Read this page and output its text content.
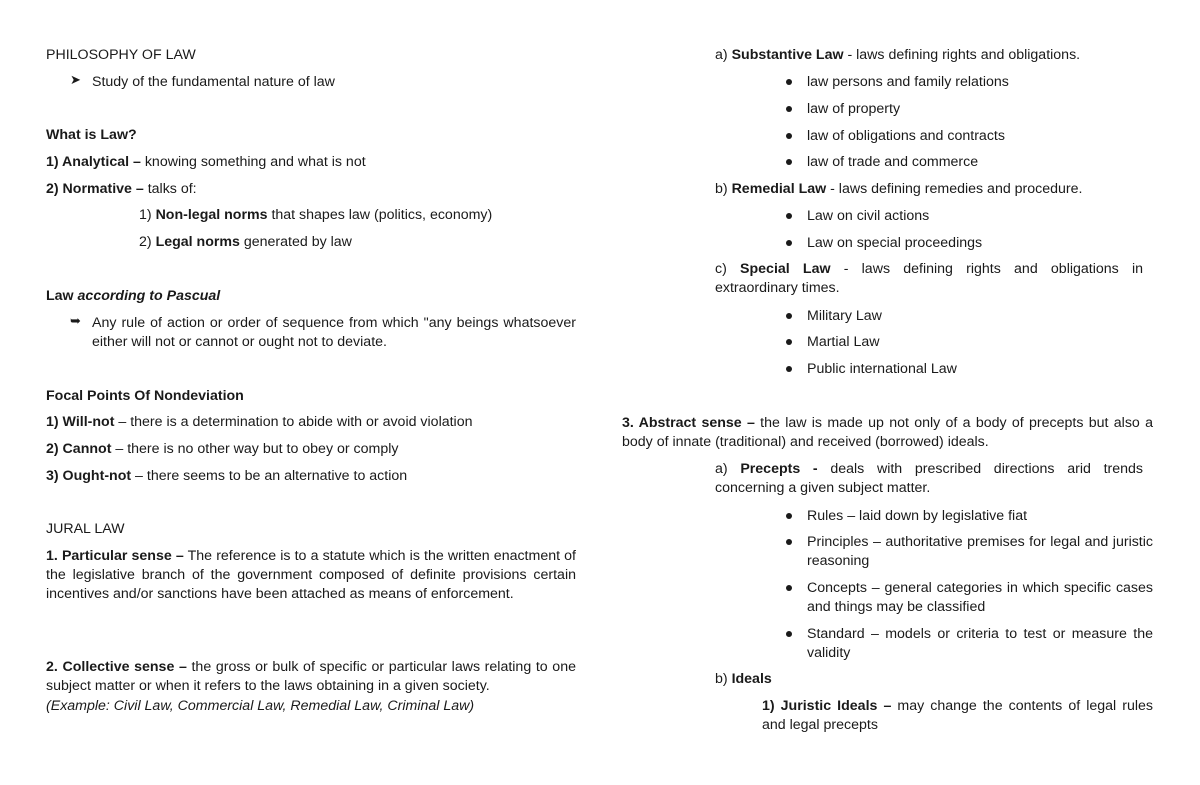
PHILOSOPHY OF LAW
➤ Study of the fundamental nature of law
What is Law?
1) Analytical – knowing something and what is not
2) Normative – talks of:
1) Non-legal norms that shapes law (politics, economy)
2) Legal norms generated by law
Law according to Pascual
➥ Any rule of action or order of sequence from which "any beings whatsoever either will not or cannot or ought not to deviate.
Focal Points Of Nondeviation
1) Will-not – there is a determination to abide with or avoid violation
2) Cannot – there is no other way but to obey or comply
3) Ought-not – there seems to be an alternative to action
JURAL LAW
1. Particular sense – The reference is to a statute which is the written enactment of the legislative branch of the government composed of definite provisions certain incentives and/or sanctions have been attached as means of enforcement.
2. Collective sense – the gross or bulk of specific or particular laws relating to one subject matter or when it refers to the laws obtaining in a given society.
(Example: Civil Law, Commercial Law, Remedial Law, Criminal Law)
a) Substantive Law - laws defining rights and obligations.
law persons and family relations
law of property
law of obligations and contracts
law of trade and commerce
b) Remedial Law - laws defining remedies and procedure.
Law on civil actions
Law on special proceedings
c) Special Law - laws defining rights and obligations in extraordinary times.
Military Law
Martial Law
Public international Law
3. Abstract sense – the law is made up not only of a body of precepts but also a body of innate (traditional) and received (borrowed) ideals.
a) Precepts - deals with prescribed directions arid trends concerning a given subject matter.
Rules – laid down by legislative fiat
Principles – authoritative premises for legal and juristic reasoning
Concepts – general categories in which specific cases and things may be classified
Standard – models or criteria to test or measure the validity
b) Ideals
1) Juristic Ideals – may change the contents of legal rules and legal precepts
